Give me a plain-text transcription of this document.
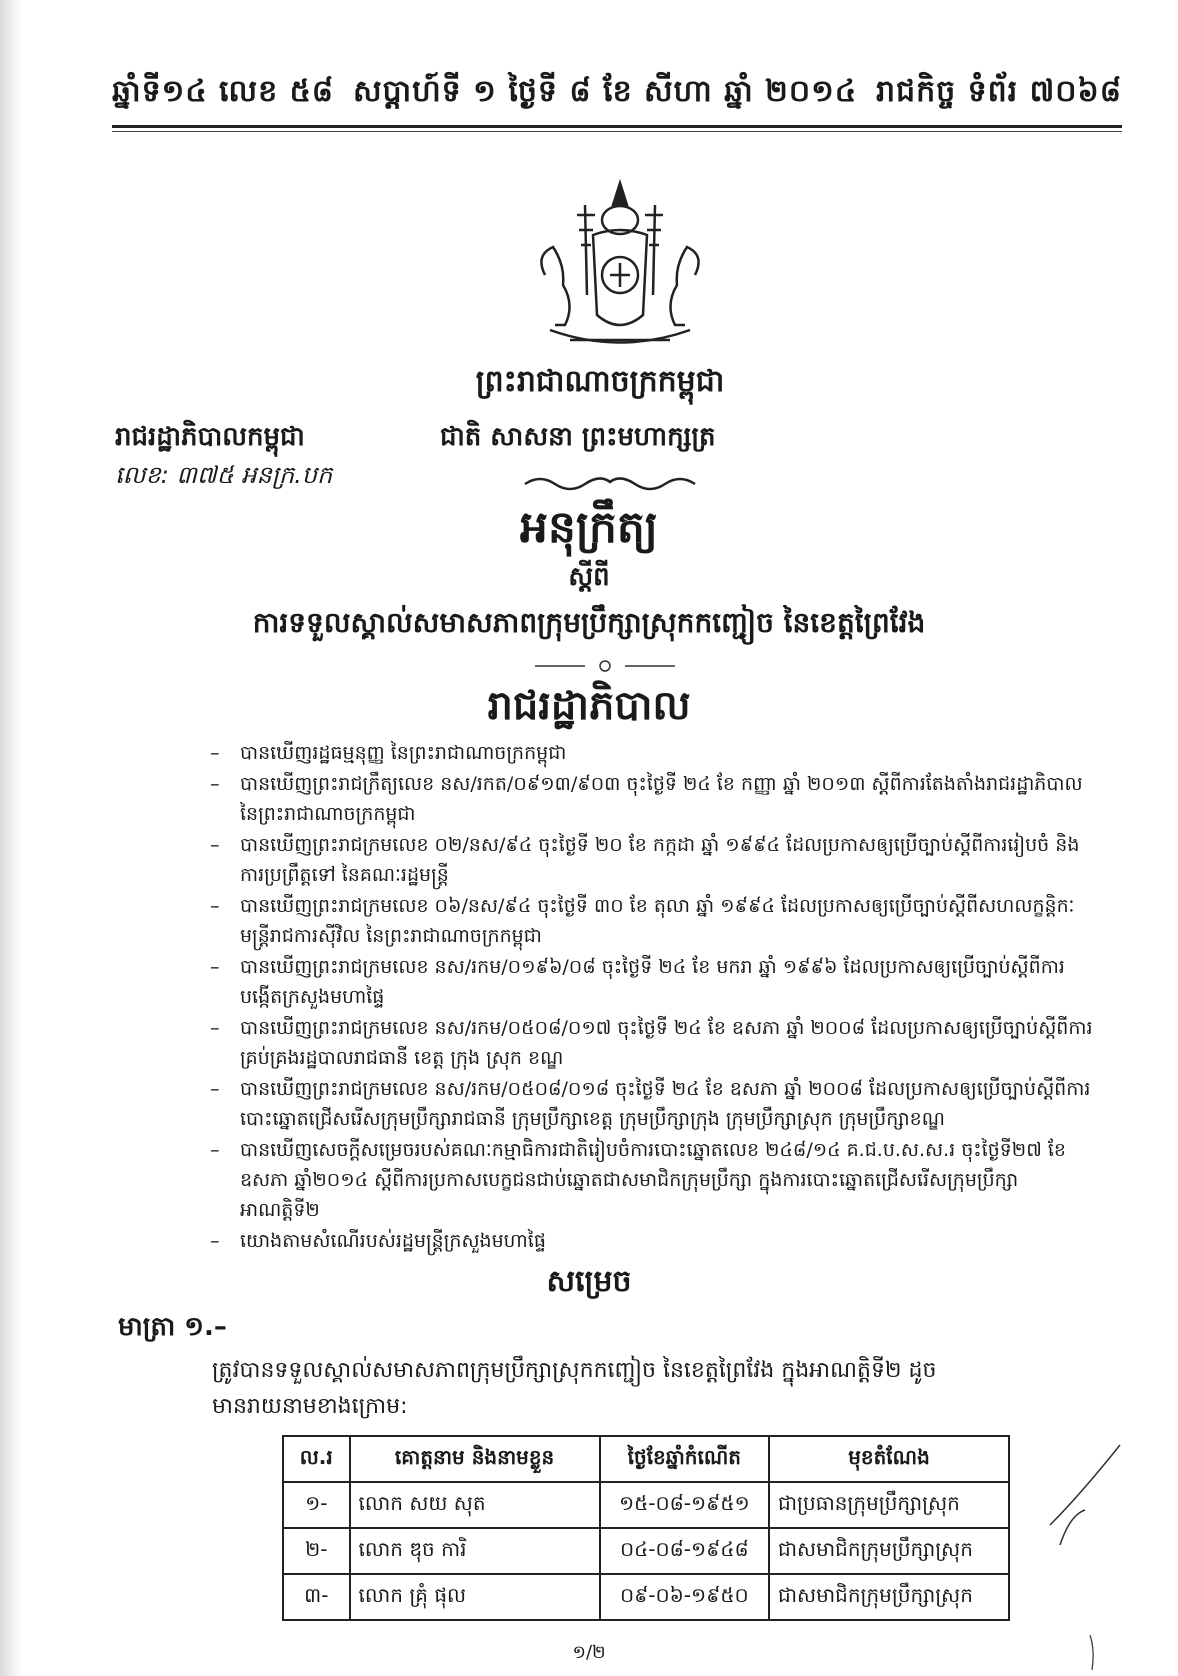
ឆ្នាំទី១៤ លេខ ៥៨ សប្តាហ៍ទី ១ ថ្ងៃទី ៨ ខែ សីហា ឆ្នាំ ២០១៤ រាជកិច្ច ទំព័រ ៧០៦៨
ព្រះរាជាណាចក្រកម្ពុជា
រាជរដ្ឋាភិបាលកម្ពុជា	ជាតិ សាសនា ព្រះមហាក្សត្រ
លេខ: ៣៧៥ អនក្រ.បក
អនុក្រឹត្យ
ស្តីពី
ការទទួលស្គាល់សមាសភាពក្រុមប្រឹក្សាស្រុកកញ្ជៀច នៃខេត្តព្រៃវែង
រាជរដ្ឋាភិបាល
– បានឃើញរដ្ឋធម្មនុញ្ញ នៃព្រះរាជាណាចក្រកម្ពុជា
– បានឃើញព្រះរាជក្រឹត្យលេខ នស/រកត/០៩១៣/៩០៣ ចុះថ្ងៃទី ២៤ ខែ កញ្ញា ឆ្នាំ ២០១៣ ស្តីពីការតែងតាំងរាជរដ្ឋាភិបាល នៃព្រះរាជាណាចក្រកម្ពុជា
– បានឃើញព្រះរាជក្រមលេខ ០២/នស/៩៤ ចុះថ្ងៃទី ២០ ខែ កក្កដា ឆ្នាំ ១៩៩៤ ដែលប្រកាសឲ្យប្រើច្បាប់ស្តីពីការរៀបចំ និងការប្រព្រឹត្តទៅ នៃគណៈរដ្ឋមន្ត្រី
– បានឃើញព្រះរាជក្រមលេខ ០៦/នស/៩៤ ចុះថ្ងៃទី ៣០ ខែ តុលា ឆ្នាំ ១៩៩៤ ដែលប្រកាសឲ្យប្រើច្បាប់ស្តីពីសហលក្ខន្តិកៈមន្ត្រីរាជការស៊ីវិល នៃព្រះរាជាណាចក្រកម្ពុជា
– បានឃើញព្រះរាជក្រមលេខ នស/រកម/០១៩៦/០៨ ចុះថ្ងៃទី ២៤ ខែ មករា ឆ្នាំ ១៩៩៦ ដែលប្រកាសឲ្យប្រើច្បាប់ស្តីពីការបង្កើតក្រសួងមហាផ្ទៃ
– បានឃើញព្រះរាជក្រមលេខ នស/រកម/០៥០៨/០១៧ ចុះថ្ងៃទី ២៤ ខែ ឧសភា ឆ្នាំ ២០០៨ ដែលប្រកាសឲ្យប្រើច្បាប់ស្តីពីការគ្រប់គ្រងរដ្ឋបាលរាជធានី ខេត្ត ក្រុង ស្រុក ខណ្ឌ
– បានឃើញព្រះរាជក្រមលេខ នស/រកម/០៥០៨/០១៨ ចុះថ្ងៃទី ២៤ ខែ ឧសភា ឆ្នាំ ២០០៨ ដែលប្រកាសឲ្យប្រើច្បាប់ស្តីពីការបោះឆ្នោតជ្រើសរើសក្រុមប្រឹក្សារាជធានី ក្រុមប្រឹក្សាខេត្ត ក្រុមប្រឹក្សាក្រុង ក្រុមប្រឹក្សាស្រុក ក្រុមប្រឹក្សាខណ្ឌ
– បានឃើញសេចក្តីសម្រេចរបស់គណៈកម្មាធិការជាតិរៀបចំការបោះឆ្នោតលេខ ២៤៨/១៤ គ.ជ.ប.ស.ស.រ ចុះថ្ងៃទី២៧ ខែឧសភា ឆ្នាំ២០១៤ ស្តីពីការប្រកាសបេក្ខជនជាប់ឆ្នោតជាសមាជិកក្រុមប្រឹក្សា ក្នុងការបោះឆ្នោតជ្រើសរើសក្រុមប្រឹក្សា អាណត្តិទី២
– យោងតាមសំណើរបស់រដ្ឋមន្ត្រីក្រសួងមហាផ្ទៃ
សម្រេច
មាត្រា ១.–
ត្រូវបានទទួលស្គាល់សមាសភាពក្រុមប្រឹក្សាស្រុកកញ្ជៀច នៃខេត្តព្រៃវែង ក្នុងអាណត្តិទី២ ដូច
មានរាយនាមខាងក្រោម:
ល.រ	គោត្តនាម និងនាមខ្លួន	ថ្ងៃខែឆ្នាំកំណើត	មុខតំណែង
១-	លោក សយ សុត	១៥-០៨-១៩៥១	ជាប្រធានក្រុមប្រឹក្សាស្រុក
២-	លោក ឌុច ការិ	០៤-០៨-១៩៤៨	ជាសមាជិកក្រុមប្រឹក្សាស្រុក
៣-	លោក គ្រុំ ផុល	០៩-០៦-១៩៥០	ជាសមាជិកក្រុមប្រឹក្សាស្រុក
១/២
